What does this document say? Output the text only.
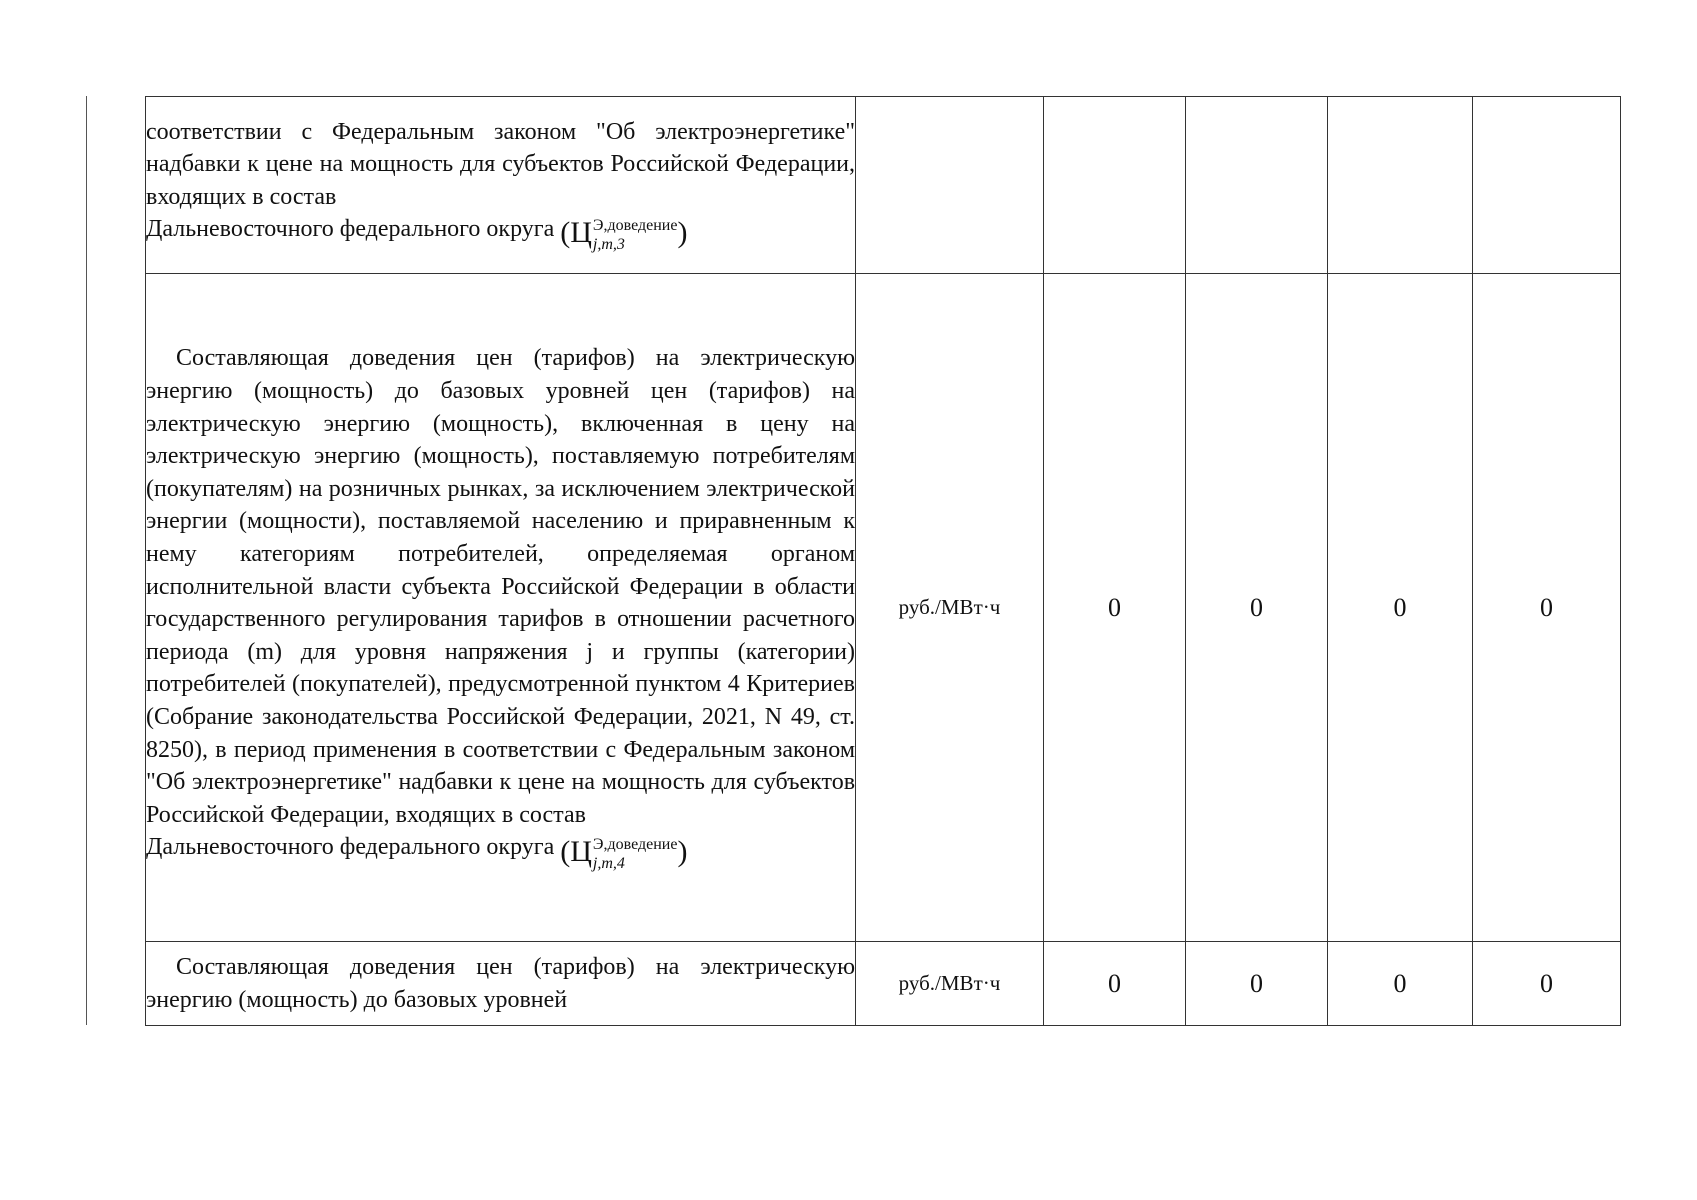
соответствии с Федеральным законом "Об электроэнергетике" надбавки к цене на мощность для субъектов Российской Федерации, входящих в состав

Дальневосточного федерального округа (Ц Э,доведение
j,m,3 )					

Составляющая доведения цен (тарифов) на электрическую энергию (мощность) до базовых уровней цен (тарифов) на электрическую энергию (мощность), включенная в цену на электрическую энергию (мощность), поставляемую потребителям (покупателям) на розничных рынках, за исключением электрической энергии (мощности), поставляемой населению и приравненным к нему категориям потребителей, определяемая органом исполнительной власти субъекта Российской Федерации в области государственного регулирования тарифов в отношении расчетного периода (m) для уровня напряжения j и группы (категории) потребителей (покупателей), предусмотренной пунктом 4 Критериев (Собрание законодательства Российской Федерации, 2021, N 49, ст. 8250), в период применения в соответствии с Федеральным законом "Об электроэнергетике" надбавки к цене на мощность для субъектов Российской Федерации, входящих в состав

Дальневосточного федерального округа (Ц Э,доведение
j,m,4 )	руб./МВт·ч	0	0	0	0

Составляющая доведения цен (тарифов) на электрическую энергию (мощность) до базовых уровней	руб./МВт·ч	0	0	0	0
